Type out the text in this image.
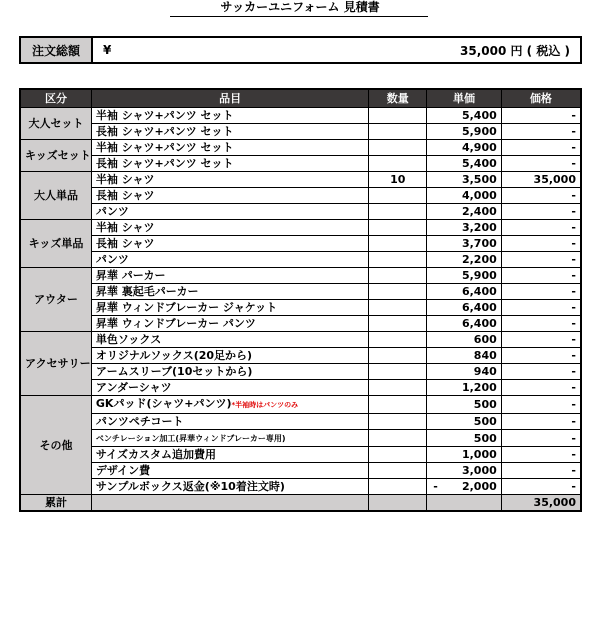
サッカーユニフォーム 見積書
注文総額	¥	35,000 円 ( 税込 )
区分	品目	数量	単価	価格
大人セット	半袖 シャツ+パンツ セット		5,400	-
	長袖 シャツ+パンツ セット		5,900	-
キッズセット	半袖 シャツ+パンツ セット		4,900	-
	長袖 シャツ+パンツ セット		5,400	-
大人単品	半袖 シャツ	10	3,500	35,000
	長袖 シャツ		4,000	-
	パンツ		2,400	-
キッズ単品	半袖 シャツ		3,200	-
	長袖 シャツ		3,700	-
	パンツ		2,200	-
アウター	昇華 パーカー		5,900	-
	昇華 裏起毛パーカー		6,400	-
	昇華 ウィンドブレーカー ジャケット		6,400	-
	昇華 ウィンドブレーカー パンツ		6,400	-
アクセサリー	単色ソックス		600	-
	オリジナルソックス(20足から)		840	-
	アームスリーブ(10セットから)		940	-
	アンダーシャツ		1,200	-
その他	GKパッド(シャツ+パンツ)*半袖時はパンツのみ		500	-
	パンツペチコート		500	-
	ベンチレーション加工(昇華ウィンドブレーカー専用)		500	-
	サイズカスタム追加費用		1,000	-
	デザイン費		3,000	-
	サンプルボックス返金(※10着注文時)		- 2,000	-
累計				35,000
